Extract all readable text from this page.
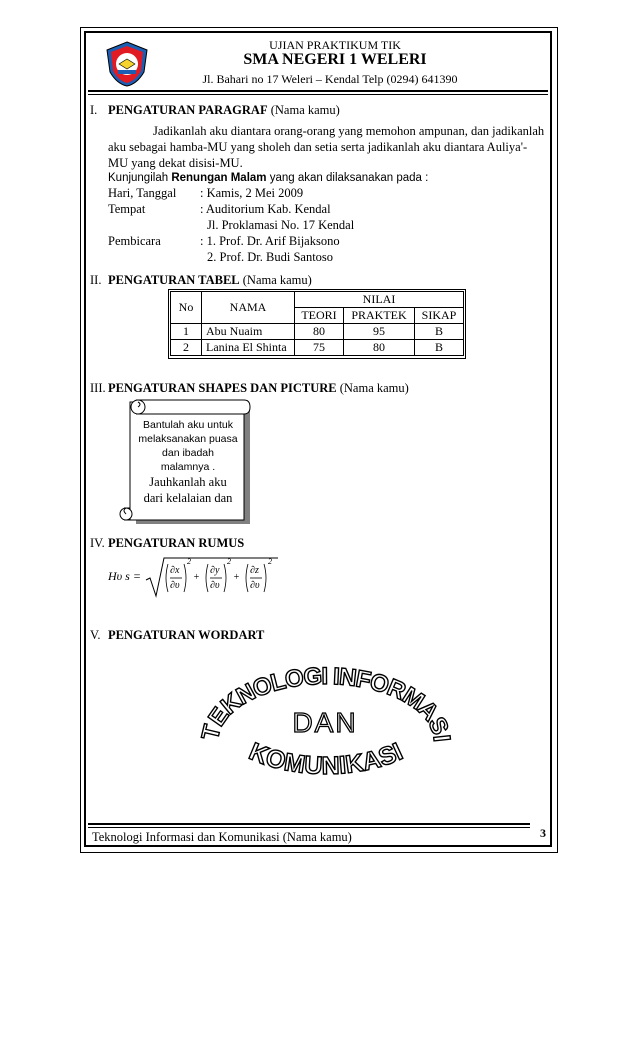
UJIAN PRAKTIKUM TIK
SMA NEGERI 1 WELERI
Jl. Bahari no 17 Weleri – Kendal Telp (0294) 641390
I. PENGATURAN PARAGRAF (Nama kamu)
Jadikanlah aku diantara orang-orang yang memohon ampunan, dan jadikanlah
aku sebagai hamba-MU yang sholeh dan setia serta jadikanlah aku diantara Auliya'-
MU yang dekat disisi-MU.
Kunjungilah Renungan Malam yang akan dilaksanakan pada :
Hari, Tanggal : Kamis, 2 Mei 2009
Tempat	: Auditorium Kab. Kendal
Jl. Proklamasi No. 17 Kendal
Pembicara	: 1. Prof. Dr. Arif Bijaksono
2. Prof. Dr. Budi Santoso
II. PENGATURAN TABEL (Nama kamu)
No	NAMA	NILAI		
		TEORI	PRAKTEK	SIKAP
1	Abu Nuaim	80	95	B
2	Lanina El Shinta	75	80	B
III. PENGATURAN SHAPES DAN PICTURE (Nama kamu)
Bantulah aku untuk
melaksanakan puasa
dan ibadah
malamnya .
Jauhkanlah aku
dari kelalaian dan
IV. PENGATURAN RUMUS
Hυ s =	∂x
∂υ
2
+
∂y
∂υ
2
+
∂z
∂υ
2
V. PENGATURAN WORDART
TEKNOLOGI INFORMASI
DAN
KOMUNIKASI
Teknologi Informasi dan Komunikasi (Nama kamu)	3
